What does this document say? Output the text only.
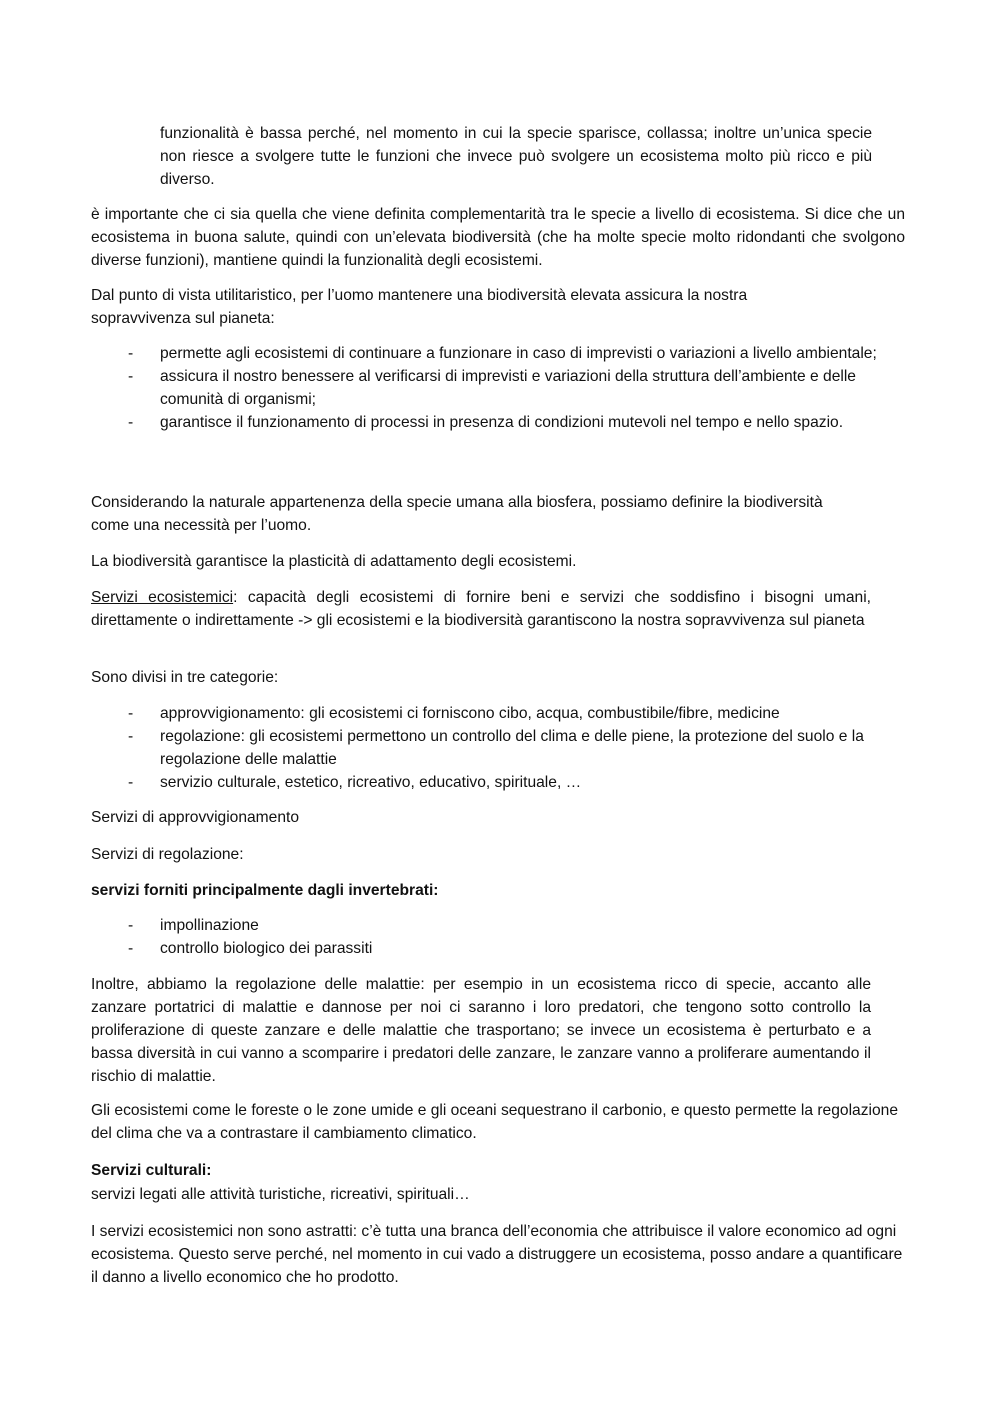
funzionalità è bassa perché, nel momento in cui la specie sparisce, collassa; inoltre un’unica specie non riesce a svolgere tutte le funzioni che invece può svolgere un ecosistema molto più ricco e più diverso.

è importante che ci sia quella che viene definita complementarità tra le specie a livello di ecosistema. Si dice che un ecosistema in buona salute, quindi con un’elevata biodiversità (che ha molte specie molto ridondanti che svolgono diverse funzioni), mantiene quindi la funzionalità degli ecosistemi.

Dal punto di vista utilitaristico, per l’uomo mantenere una biodiversità elevata assicura la nostra sopravvivenza sul pianeta:

- permette agli ecosistemi di continuare a funzionare in caso di imprevisti o variazioni a livello ambientale;
- assicura il nostro benessere al verificarsi di imprevisti e variazioni della struttura dell’ambiente e delle comunità di organismi;
- garantisce il funzionamento di processi in presenza di condizioni mutevoli nel tempo e nello spazio.

Considerando la naturale appartenenza della specie umana alla biosfera, possiamo definire la biodiversità come una necessità per l’uomo.

La biodiversità garantisce la plasticità di adattamento degli ecosistemi.

Servizi ecosistemici: capacità degli ecosistemi di fornire beni e servizi che soddisfino i bisogni umani, direttamente o indirettamente -> gli ecosistemi e la biodiversità garantiscono la nostra sopravvivenza sul pianeta

Sono divisi in tre categorie:

- approvvigionamento: gli ecosistemi ci forniscono cibo, acqua, combustibile/fibre, medicine
- regolazione: gli ecosistemi permettono un controllo del clima e delle piene, la protezione del suolo e la regolazione delle malattie
- servizio culturale, estetico, ricreativo, educativo, spirituale, …

Servizi di approvvigionamento

Servizi di regolazione:

servizi forniti principalmente dagli invertebrati:

- impollinazione
- controllo biologico dei parassiti

Inoltre, abbiamo la regolazione delle malattie: per esempio in un ecosistema ricco di specie, accanto alle zanzare portatrici di malattie e dannose per noi ci saranno i loro predatori, che tengono sotto controllo la proliferazione di queste zanzare e delle malattie che trasportano; se invece un ecosistema è perturbato e a bassa diversità in cui vanno a scomparire i predatori delle zanzare, le zanzare vanno a proliferare aumentando il rischio di malattie.

Gli ecosistemi come le foreste o le zone umide e gli oceani sequestrano il carbonio, e questo permette la regolazione del clima che va a contrastare il cambiamento climatico.

Servizi culturali:

servizi legati alle attività turistiche, ricreativi, spirituali…

I servizi ecosistemici non sono astratti: c’è tutta una branca dell’economia che attribuisce il valore economico ad ogni ecosistema. Questo serve perché, nel momento in cui vado a distruggere un ecosistema, posso andare a quantificare il danno a livello economico che ho prodotto.
